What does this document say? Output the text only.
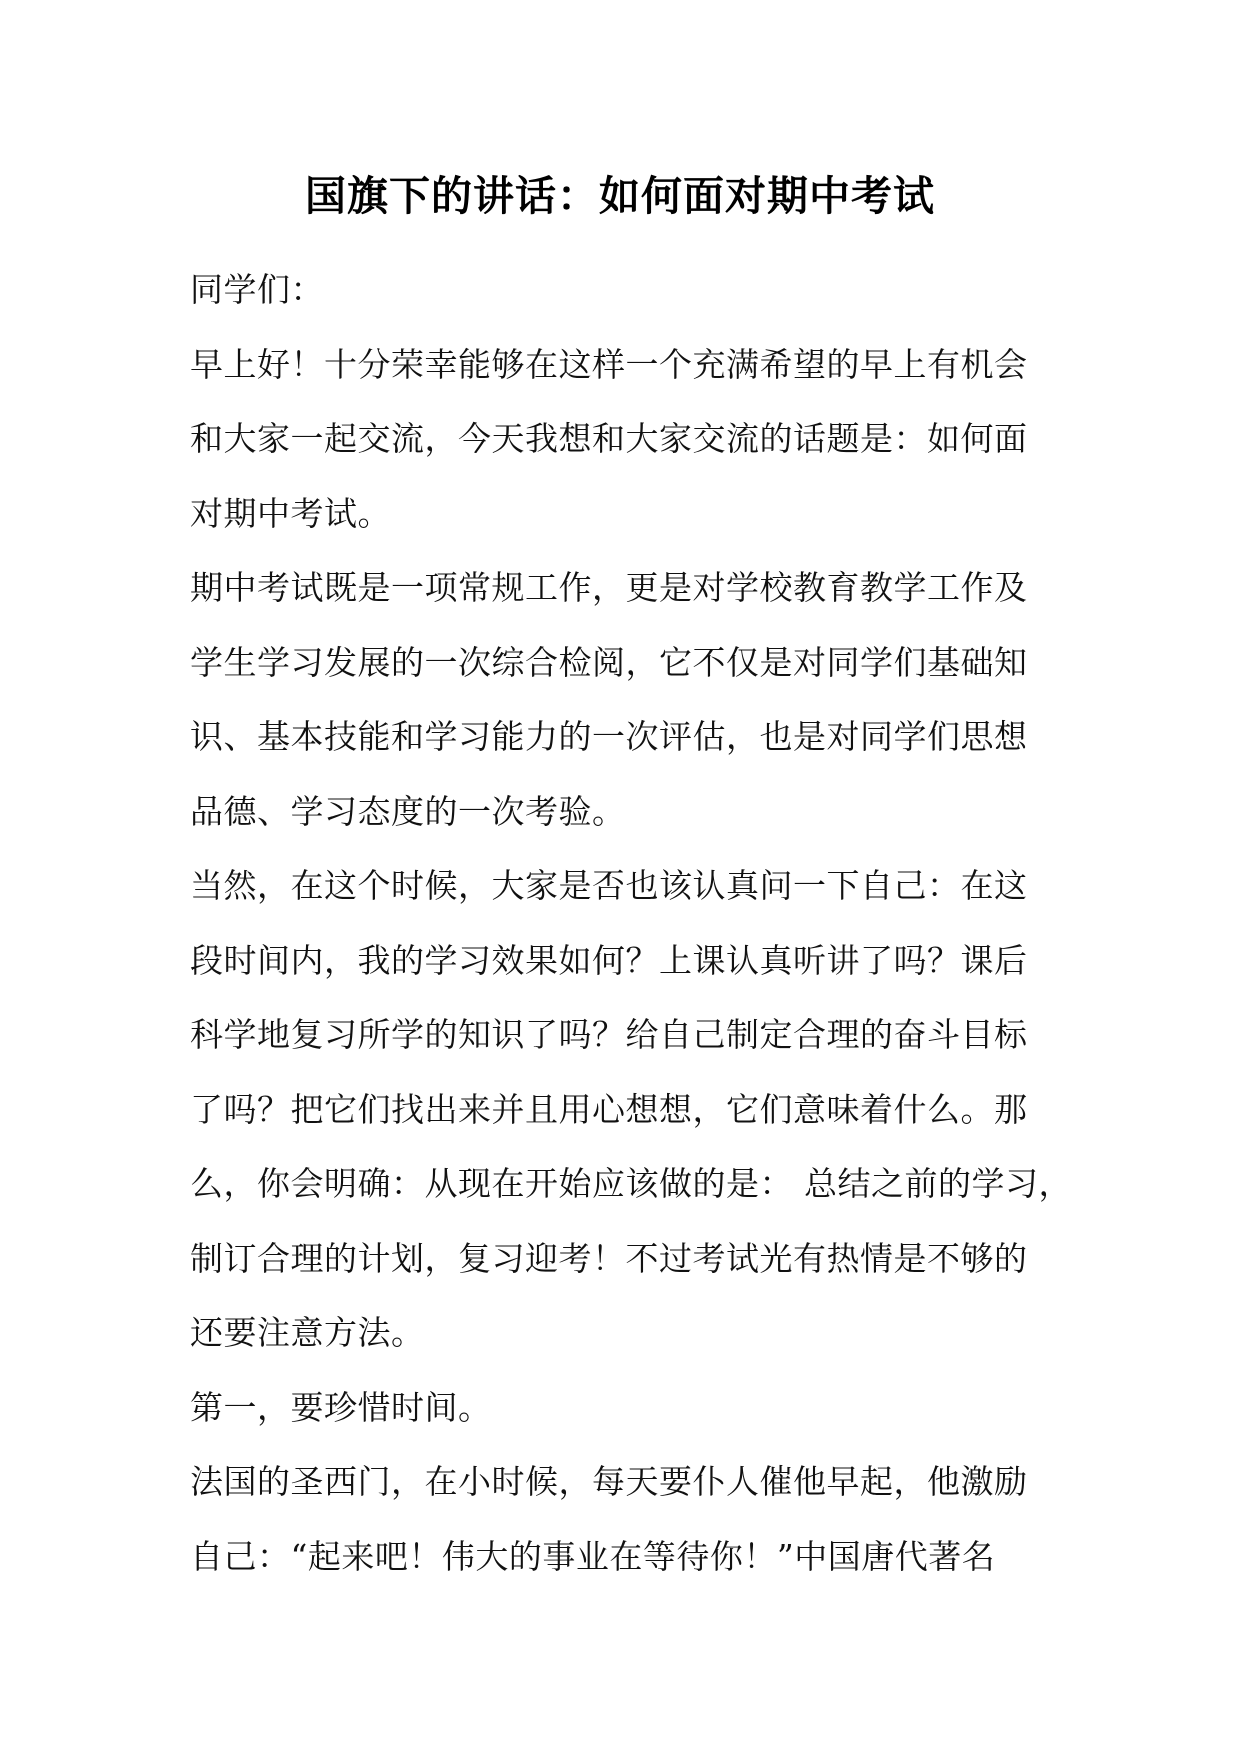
国旗下的讲话：如何面对期中考试
同学们：
早上好！十分荣幸能够在这样一个充满希望的早上有机会
和大家一起交流，今天我想和大家交流的话题是：如何面
对期中考试。
期中考试既是一项常规工作，更是对学校教育教学工作及
学生学习发展的一次综合检阅，它不仅是对同学们基础知
识、基本技能和学习能力的一次评估，也是对同学们思想
品德、学习态度的一次考验。
当然，在这个时候，大家是否也该认真问一下自己：在这
段时间内，我的学习效果如何？上课认真听讲了吗？课后
科学地复习所学的知识了吗？给自己制定合理的奋斗目标
了吗？把它们找出来并且用心想想，它们意味着什么。那
么，你会明确：从现在开始应该做的是： 总结之前的学习，
制订合理的计划，复习迎考！不过考试光有热情是不够的
还要注意方法。
第一，要珍惜时间。
法国的圣西门，在小时候，每天要仆人催他早起，他激励
自己：“起来吧！伟大的事业在等待你！”中国唐代著名
